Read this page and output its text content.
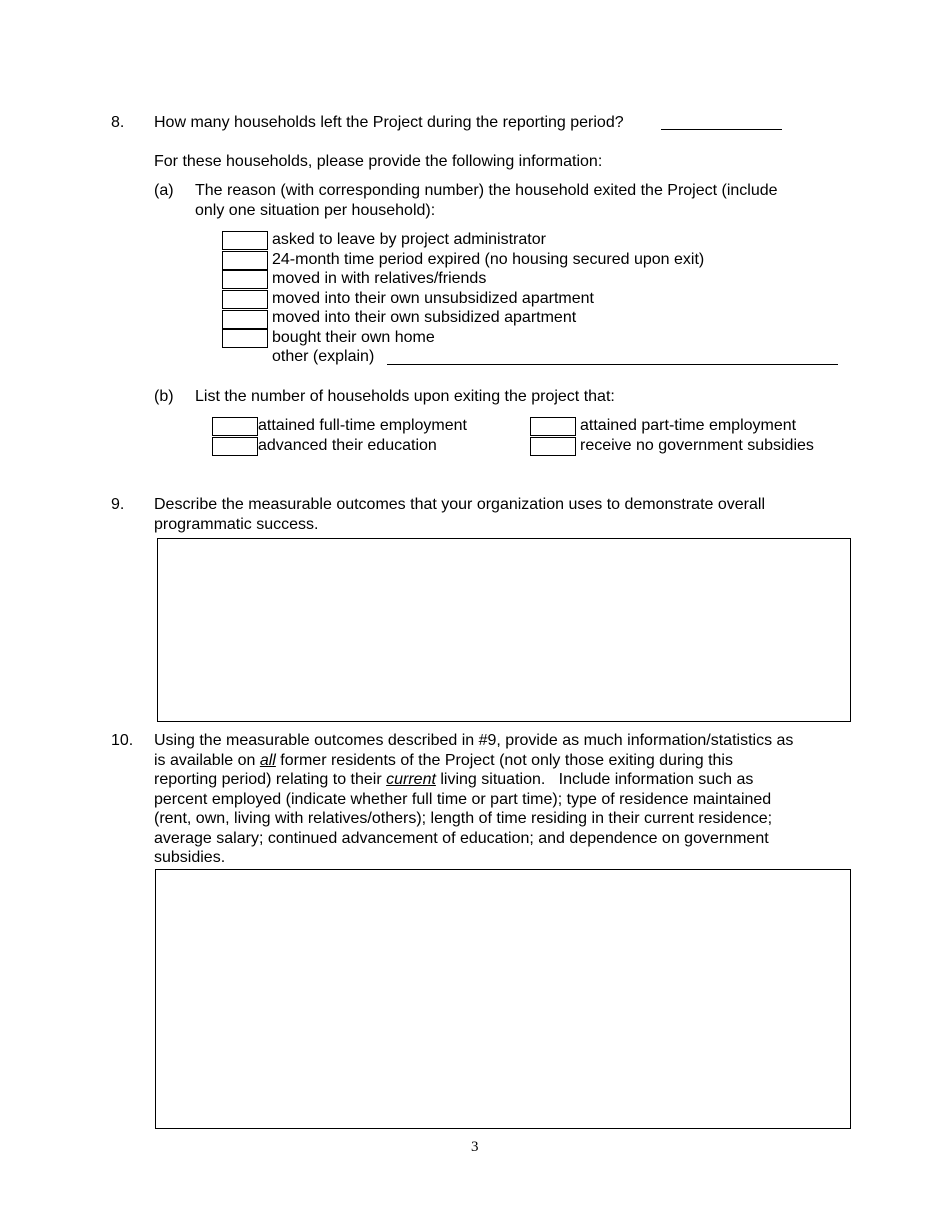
8. How many households left the Project during the reporting period?
For these households, please provide the following information:
(a) The reason (with corresponding number) the household exited the Project (include
only one situation per household):
asked to leave by project administrator
24-month time period expired (no housing secured upon exit)
moved in with relatives/friends
moved into their own unsubsidized apartment
moved into their own subsidized apartment
bought their own home
other (explain)
(b) List the number of households upon exiting the project that:
attained full-time employment
advanced their education
attained part-time employment
receive no government subsidies
9. Describe the measurable outcomes that your organization uses to demonstrate overall
programmatic success.
10. Using the measurable outcomes described in #9, provide as much information/statistics as
is available on all former residents of the Project (not only those exiting during this
reporting period) relating to their current living situation.   Include information such as
percent employed (indicate whether full time or part time); type of residence maintained
(rent, own, living with relatives/others); length of time residing in their current residence;
average salary; continued advancement of education; and dependence on government
subsidies.
3
